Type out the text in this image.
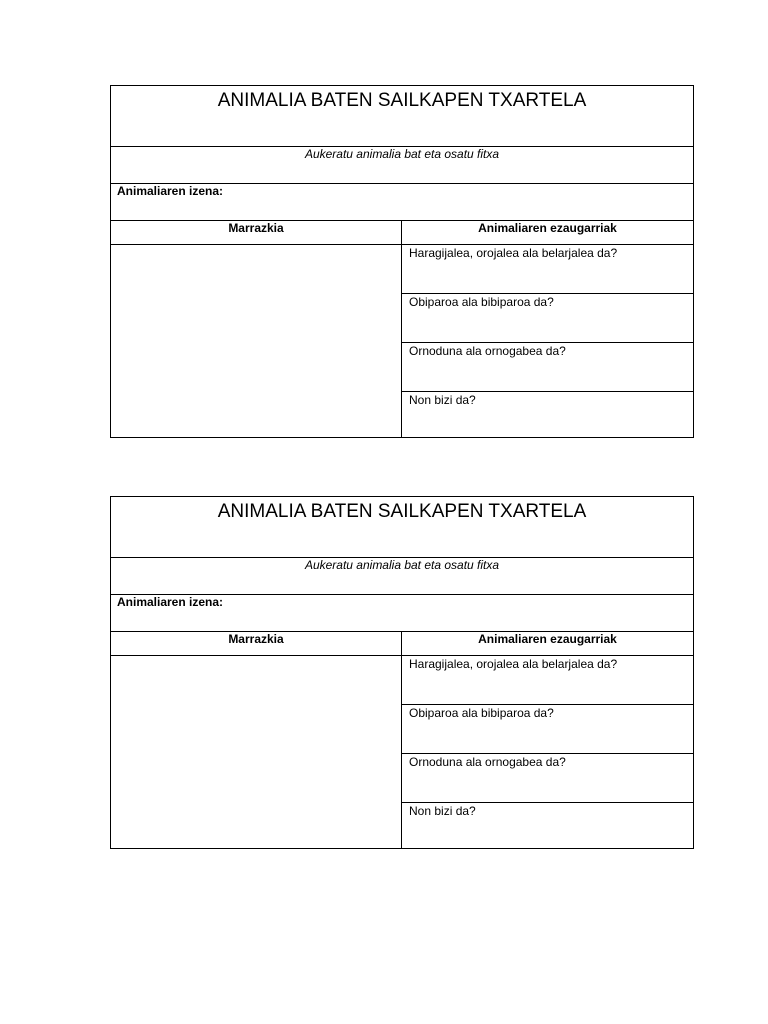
ANIMALIA BATEN SAILKAPEN TXARTELA	
Aukeratu animalia bat eta osatu fitxa	
Animaliaren izena:	
Marrazkia	Animaliaren ezaugarriak
	Haragijalea, orojalea ala belarjalea da?
	Obiparoa ala bibiparoa da?
	Ornoduna ala ornogabea da?
	Non bizi da?
ANIMALIA BATEN SAILKAPEN TXARTELA	
Aukeratu animalia bat eta osatu fitxa	
Animaliaren izena:	
Marrazkia	Animaliaren ezaugarriak
	Haragijalea, orojalea ala belarjalea da?
	Obiparoa ala bibiparoa da?
	Ornoduna ala ornogabea da?
	Non bizi da?
